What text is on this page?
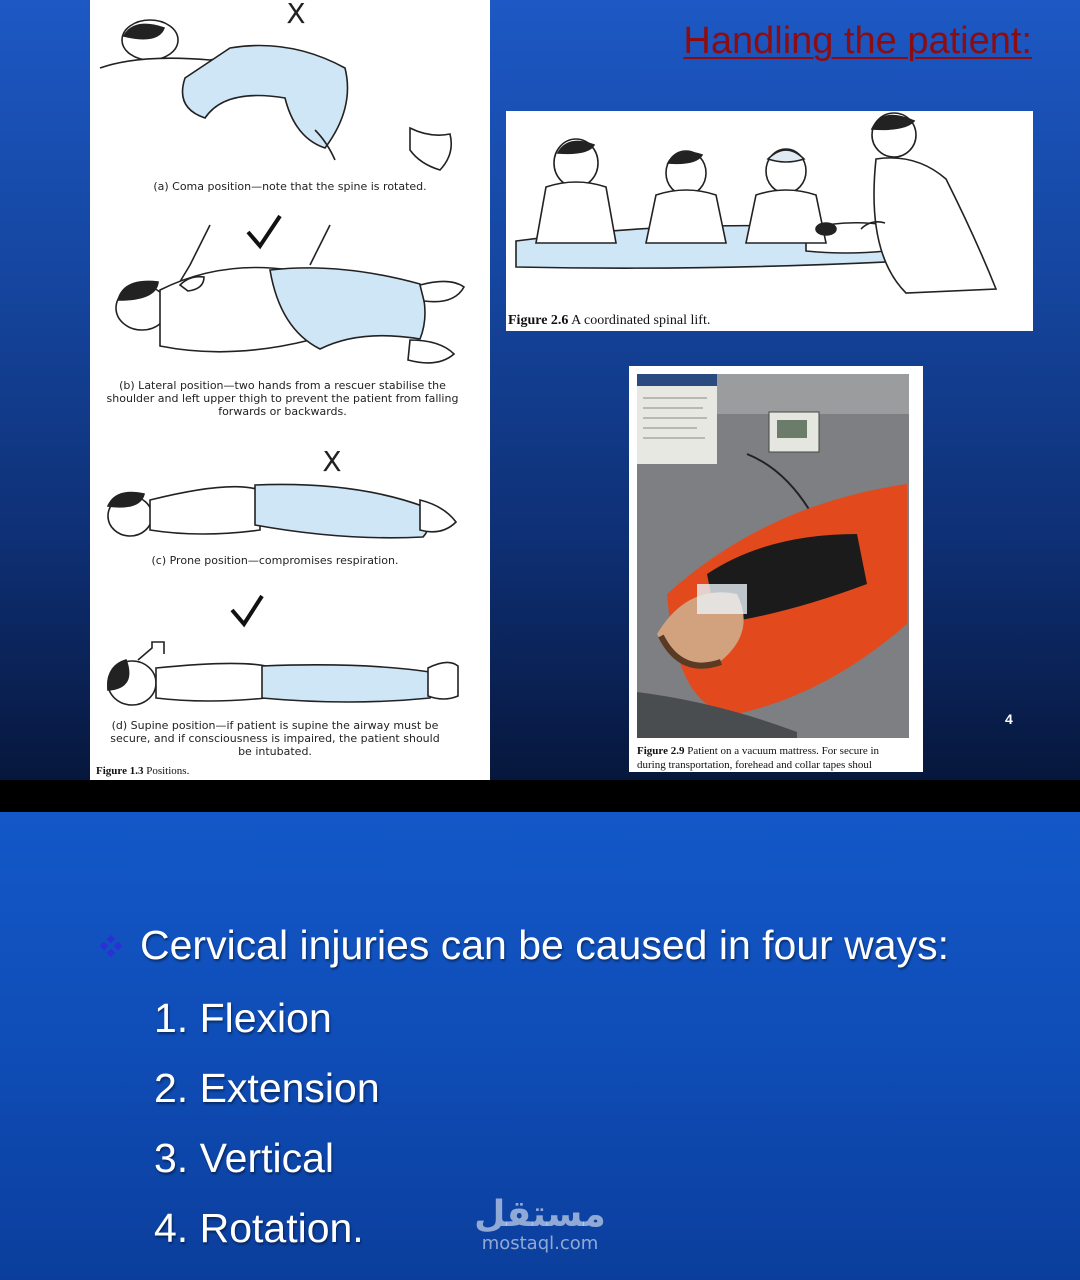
X
(a) Coma position—note that the spine is rotated.
(b) Lateral position—two hands from a rescuer stabilise the shoulder and left upper thigh to prevent the patient from falling forwards or backwards.
X
(c) Prone position—compromises respiration.
(d) Supine position—if patient is supine the airway must be secure, and if consciousness is impaired, the patient should be intubated.
Figure 1.3 Positions.
Handling the patient:
Figure 2.6 A coordinated spinal lift.
Figure 2.9 Patient on a vacuum mattress. For secure in
during transportation, forehead and collar tapes shoul
4
Cervical injuries can be caused in four ways:
1. Flexion
2. Extension
3. Vertical
4. Rotation.	مستقل
mostaql.com
